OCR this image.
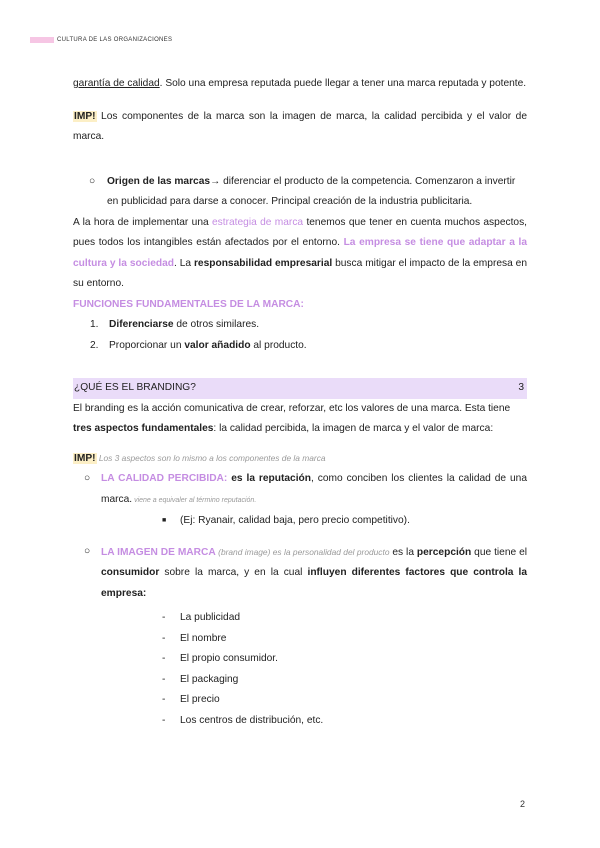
CULTURA DE LAS ORGANIZACIONES

garantía de calidad. Solo una empresa reputada puede llegar a tener una marca reputada y potente.

IMP! Los componentes de la marca son la imagen de marca, la calidad percibida y el valor de marca.

○ Origen de las marcas→ diferenciar el producto de la competencia. Comenzaron a invertir en publicidad para darse a conocer. Principal creación de la industria publicitaria.

A la hora de implementar una estrategia de marca tenemos que tener en cuenta muchos aspectos, pues todos los intangibles están afectados por el entorno. La empresa se tiene que adaptar a la cultura y la sociedad. La responsabilidad empresarial busca mitigar el impacto de la empresa en su entorno.

FUNCIONES FUNDAMENTALES DE LA MARCA:

1. Diferenciarse de otros similares.

2. Proporcionar un valor añadido al producto.

¿QUÉ ES EL BRANDING?	3

El branding es la acción comunicativa de crear, reforzar, etc los valores de una marca. Esta tiene tres aspectos fundamentales: la calidad percibida, la imagen de marca y el valor de marca:

IMP! Los 3 aspectos son lo mismo a los componentes de la marca

○ LA CALIDAD PERCIBIDA: es la reputación, como conciben los clientes la calidad de una marca. viene a equivaler al término reputación.

■ (Ej: Ryanair, calidad baja, pero precio competitivo).

○ LA IMAGEN DE MARCA (brand image) es la personalidad del producto es la percepción que tiene el consumidor sobre la marca, y en la cual influyen diferentes factores que controla la empresa:

- La publicidad

- El nombre

- El propio consumidor.

- El packaging

- El precio

- Los centros de distribución, etc.

2
